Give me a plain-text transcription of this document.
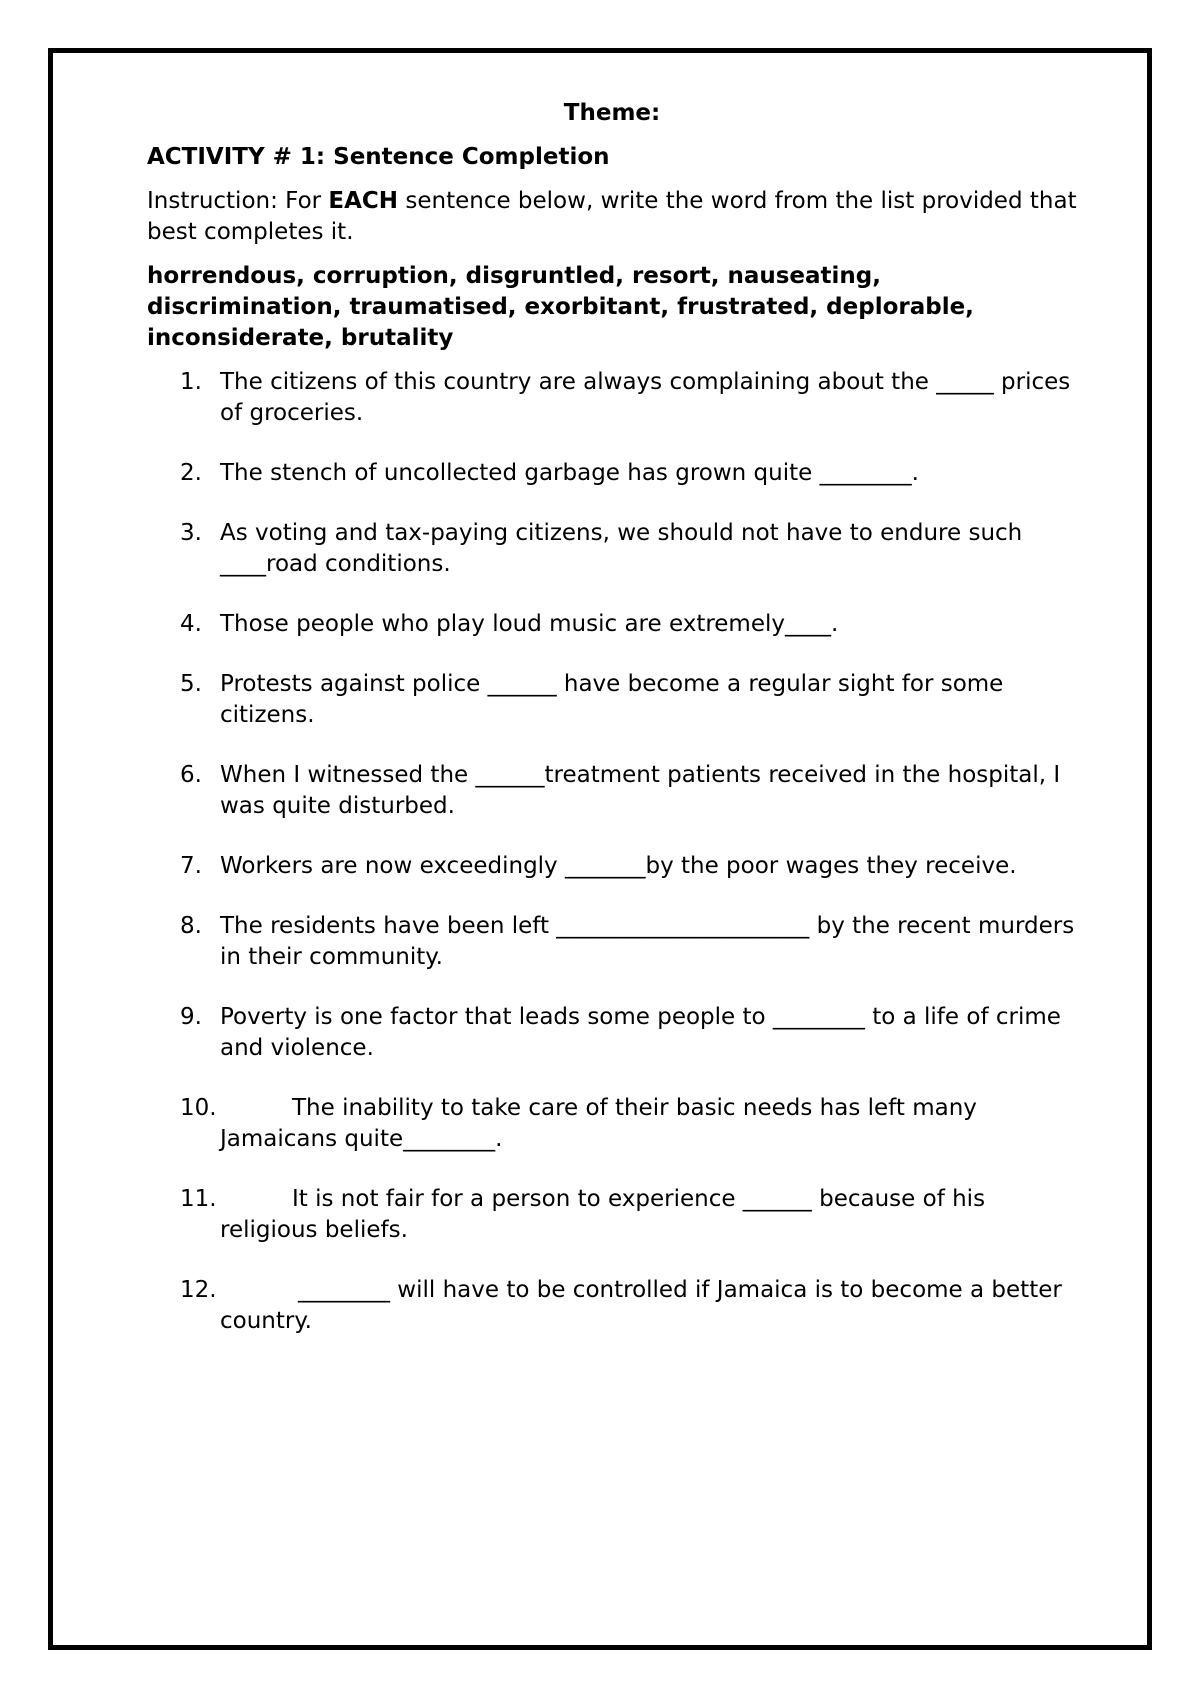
Theme:

ACTIVITY # 1: Sentence Completion

Instruction: For EACH sentence below, write the word from the list provided that best completes it.

horrendous, corruption, disgruntled, resort, nauseating, discrimination, traumatised, exorbitant, frustrated, deplorable, inconsiderate, brutality

1. The citizens of this country are always complaining about the _____ prices of groceries.
2. The stench of uncollected garbage has grown quite ________.
3. As voting and tax-paying citizens, we should not have to endure such ____road conditions.
4. Those people who play loud music are extremely____.
5. Protests against police ______ have become a regular sight for some citizens.
6. When I witnessed the ______treatment patients received in the hospital, I was quite disturbed.
7. Workers are now exceedingly _______by the poor wages they receive.
8. The residents have been left ______________________ by the recent murders in their community.
9. Poverty is one factor that leads some people to ________ to a life of crime and violence.
10.	The inability to take care of their basic needs has left many Jamaicans quite________.
11.	It is not fair for a person to experience ______ because of his religious beliefs.
12.	________ will have to be controlled if Jamaica is to become a better country.
